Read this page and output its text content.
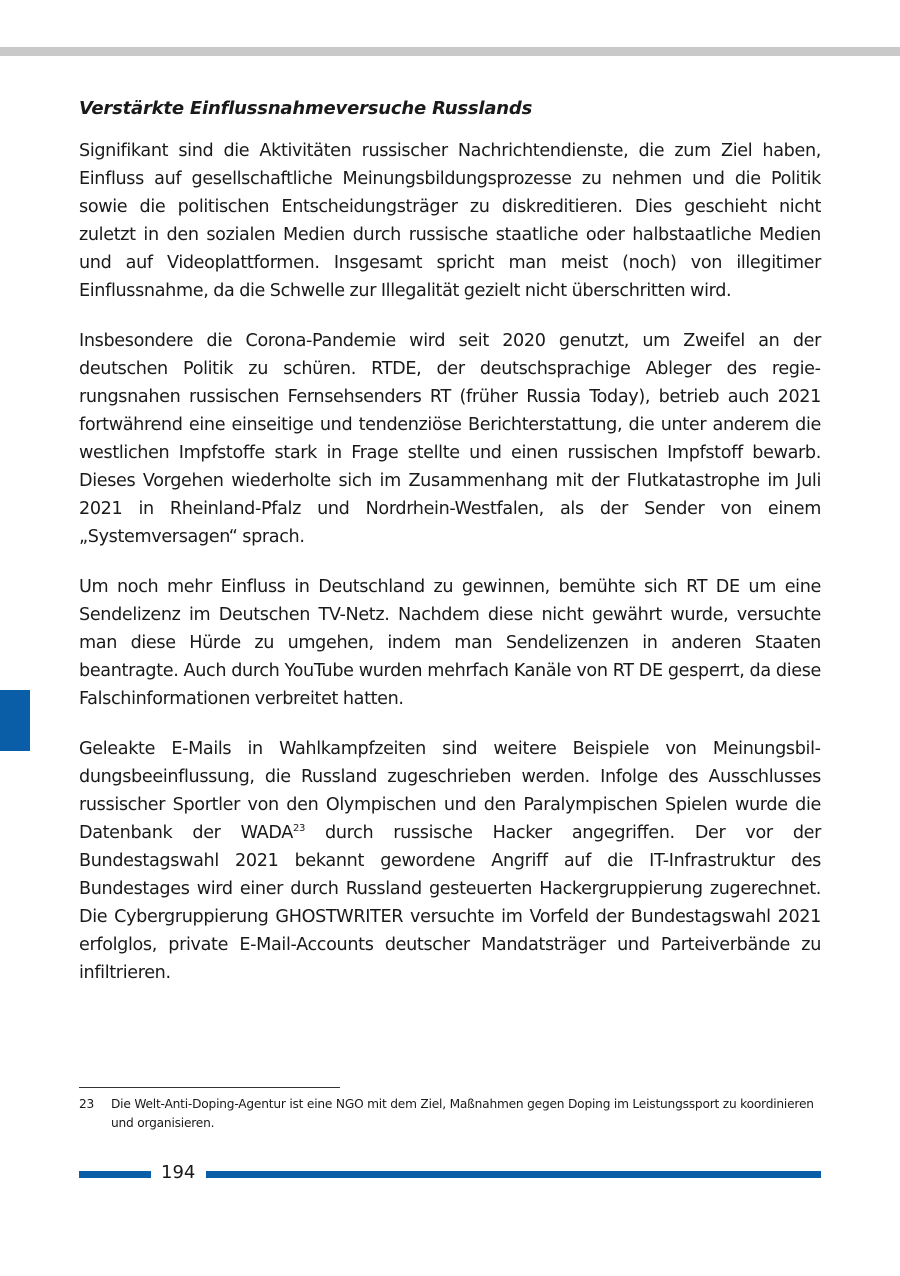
Verstärkte Einflussnahmeversuche Russlands

Signifikant sind die Aktivitäten russischer Nachrichtendienste, die zum Ziel haben, Einfluss auf gesellschaftliche Meinungsbildungsprozesse zu nehmen und die Politik sowie die politischen Entscheidungsträger zu diskreditieren. Dies geschieht nicht zuletzt in den sozialen Medien durch russische staatliche oder halbstaatliche Medien und auf Videoplattformen. Insgesamt spricht man meist (noch) von illegitimer Einflussnahme, da die Schwelle zur Illegalität gezielt nicht überschritten wird.

Insbesondere die Corona-Pandemie wird seit 2020 genutzt, um Zweifel an der deutschen Politik zu schüren. RTDE, der deutschsprachige Ableger des regierungsnahen russischen Fernsehsenders RT (früher Russia Today), betrieb auch 2021 fortwährend eine einseitige und tendenziöse Berichterstattung, die unter anderem die westlichen Impfstoffe stark in Frage stellte und einen russischen Impfstoff bewarb. Dieses Vorgehen wiederholte sich im Zusammenhang mit der Flutkatastrophe im Juli 2021 in Rheinland-Pfalz und Nordrhein-Westfalen, als der Sender von einem „Systemversagen“ sprach.

Um noch mehr Einfluss in Deutschland zu gewinnen, bemühte sich RT DE um eine Sendelizenz im Deutschen TV-Netz. Nachdem diese nicht gewährt wurde, versuchte man diese Hürde zu umgehen, indem man Sendelizenzen in anderen Staaten beantragte. Auch durch YouTube wurden mehrfach Kanäle von RT DE gesperrt, da diese Falschinformationen verbreitet hatten.

Geleakte E-Mails in Wahlkampfzeiten sind weitere Beispiele von Meinungsbildungsbeeinflussung, die Russland zugeschrieben werden. Infolge des Ausschlusses russischer Sportler von den Olympischen und den Paralympischen Spielen wurde die Datenbank der WADA$^{23}$ durch russische Hacker angegriffen. Der vor der Bundestagswahl 2021 bekannt gewordene Angriff auf die IT-Infrastruktur des Bundestages wird einer durch Russland gesteuerten Hackergruppierung zugerechnet. Die Cybergruppierung GHOSTWRITER versuchte im Vorfeld der Bundestagswahl 2021 erfolglos, private E-Mail-Accounts deutscher Mandatsträger und Parteiverbände zu infiltrieren.

23	Die Welt-Anti-Doping-Agentur ist eine NGO mit dem Ziel, Maßnahmen gegen Doping im Leistungssport zu koordinieren und organisieren.
194
